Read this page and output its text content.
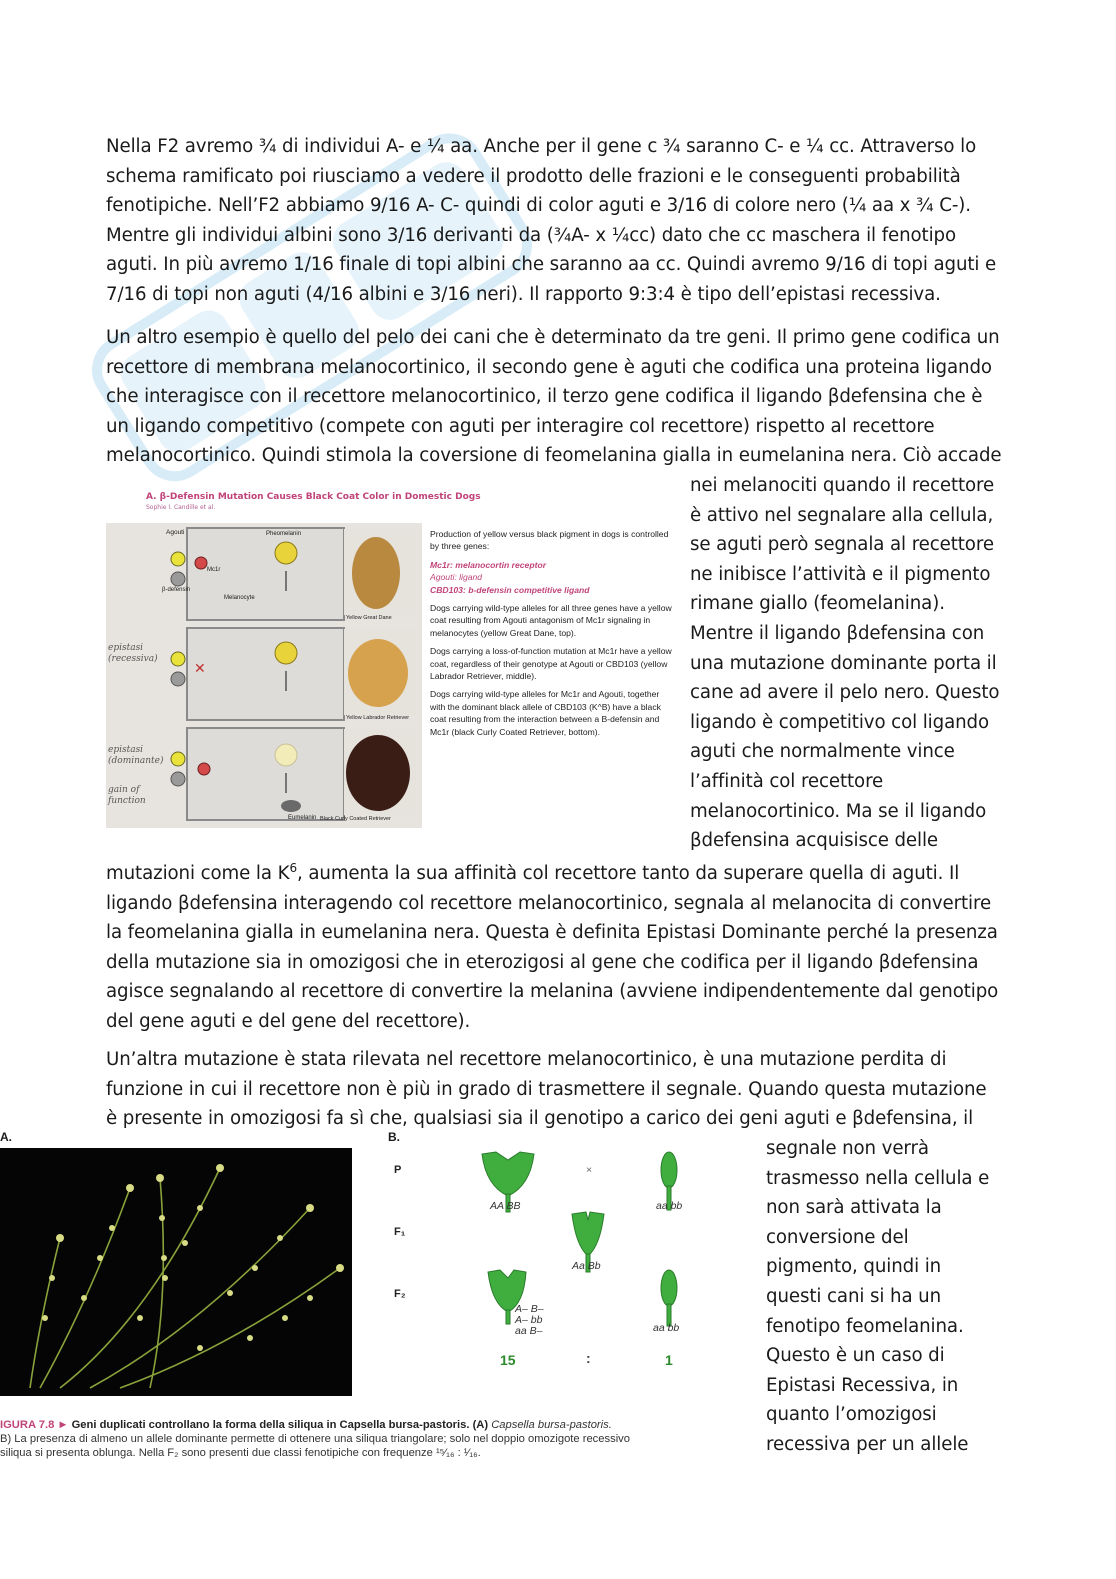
Nella F2 avremo ¾ di individui A- e ¼ aa. Anche per il gene c ¾ saranno C- e ¼ cc. Attraverso lo
schema ramificato poi riusciamo a vedere il prodotto delle frazioni e le conseguenti probabilità
fenotipiche. Nell’F2 abbiamo 9/16 A- C- quindi di color aguti e 3/16 di colore nero (¼ aa x ¾ C-).
Mentre gli individui albini sono 3/16 derivanti da (¾A- x ¼cc) dato che cc maschera il fenotipo
aguti. In più avremo 1/16 finale di topi albini che saranno aa cc. Quindi avremo 9/16 di topi aguti e
7/16 di topi non aguti (4/16 albini e 3/16 neri). Il rapporto 9:3:4 è tipo dell’epistasi recessiva.
Un altro esempio è quello del pelo dei cani che è determinato da tre geni. Il primo gene codifica un
recettore di membrana melanocortinico, il secondo gene è aguti che codifica una proteina ligando
che interagisce con il recettore melanocortinico, il terzo gene codifica il ligando βdefensina che è
un ligando competitivo (compete con aguti per interagire col recettore) rispetto al recettore
melanocortinico. Quindi stimola la coversione di feomelanina gialla in eumelanina nera. Ciò accade
nei melanociti quando il recettore
è attivo nel segnalare alla cellula,
se aguti però segnala al recettore
ne inibisce l’attività e il pigmento
rimane giallo (feomelanina).
Mentre il ligando βdefensina con
una mutazione dominante porta il
cane ad avere il pelo nero. Questo
ligando è competitivo col ligando
aguti che normalmente vince
l’affinità col recettore
melanocortinico. Ma se il ligando
βdefensina acquisisce delle
mutazioni come la $K^6$, aumenta la sua affinità col recettore tanto da superare quella di aguti. Il
ligando βdefensina interagendo col recettore melanocortinico, segnala al melanocita di convertire
la feomelanina gialla in eumelanina nera. Questa è definita Epistasi Dominante perché la presenza
della mutazione sia in omozigosi che in eterozigosi al gene che codifica per il ligando βdefensina
agisce segnalando al recettore di convertire la melanina (avviene indipendentemente dal genotipo
del gene aguti e del gene del recettore).
Un’altra mutazione è stata rilevata nel recettore melanocortinico, è una mutazione perdita di
funzione in cui il recettore non è più in grado di trasmettere il segnale. Quando questa mutazione
è presente in omozigosi fa sì che, qualsiasi sia il genotipo a carico dei geni aguti e βdefensina, il
segnale non verrà
trasmesso nella cellula e
non sarà attivata la
conversione del
pigmento, quindi in
questi cani si ha un
fenotipo feomelanina.
Questo è un caso di
Epistasi Recessiva, in
quanto l’omozigosi
recessiva per un allele
A. β-Defensin Mutation Causes Black Coat Color in Domestic Dogs
Sophie I. Candille et al.
✕
Agouti
Mc1r
β-defensin
Melanocyte
Pheomelanin
Eumelanin
Yellow Great Dane
Yellow Labrador Retriever
Black Curly Coated Retriever
epistasi (recessiva)
epistasi (dominante)
gain of function

Production of yellow versus black pigment in dogs is controlled by three genes:

Mc1r: melanocortin receptor
Agouti: ligand
CBD103: b-defensin competitive ligand

Dogs carrying wild-type alleles for all three genes have a yellow coat resulting from Agouti antagonism of Mc1r signaling in melanocytes (yellow Great Dane, top).

Dogs carrying a loss-of-function mutation at Mc1r have a yellow coat, regardless of their genotype at Agouti or CBD103 (yellow Labrador Retriever, middle).

Dogs carrying wild-type alleles for Mc1r and Agouti, together with the dominant black allele of CBD103 (K^B) have a black coat resulting from the interaction between a B-defensin and Mc1r (black Curly Coated Retriever, bottom).

A.	B.
P
F₁
F₂
×
AA BB	aa bb
Aa Bb
A– B–
A– bb
aa B–	aa bb
15	:	1
IGURA 7.8 ► Geni duplicati controllano la forma della siliqua in Capsella bursa-pastoris. (A) Capsella bursa-pastoris.
B) La presenza di almeno un allele dominante permette di ottenere una siliqua triangolare; solo nel doppio omozigote recessivo
siliqua si presenta oblunga. Nella F₂ sono presenti due classi fenotipiche con frequenze ¹⁵⁄₁₆ : ¹⁄₁₆.
